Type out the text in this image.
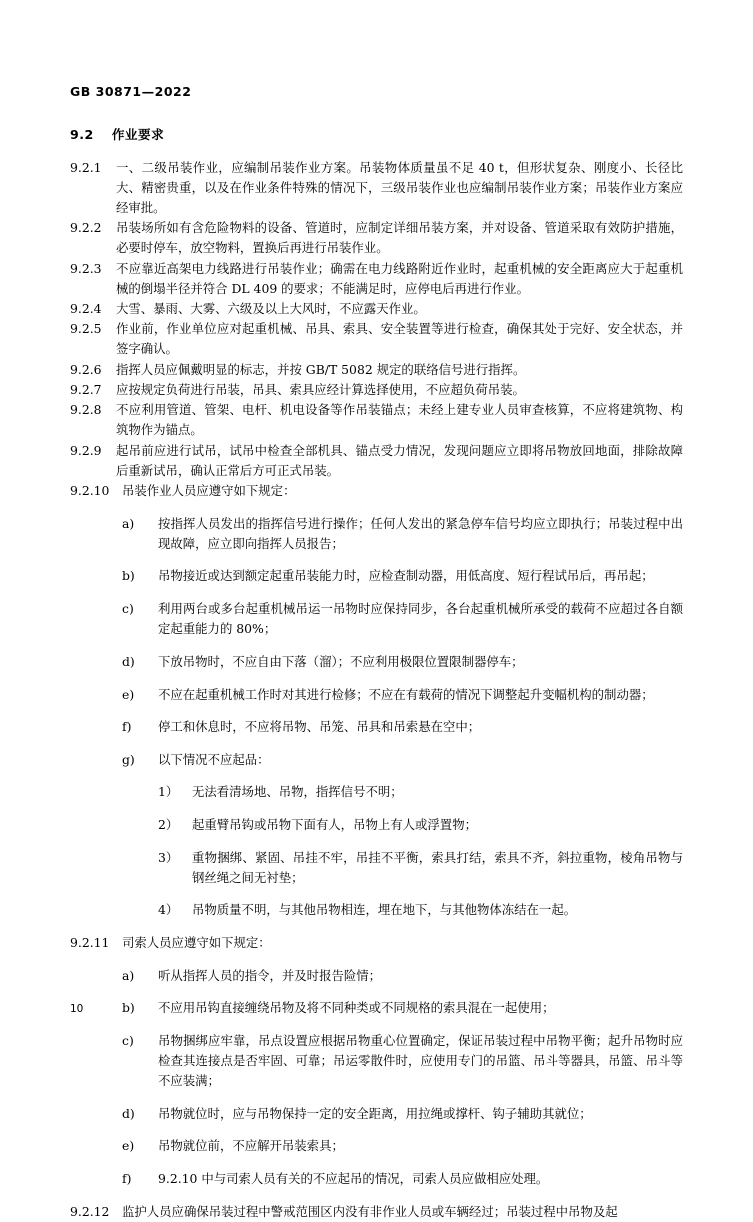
GB 30871—2022

9.2 作业要求

9.2.1	一、二级吊装作业，应编制吊装作业方案。吊装物体质量虽不足 40 t，但形状复杂、刚度小、长径比大、精密贵重，以及在作业条件特殊的情况下，三级吊装作业也应编制吊装作业方案；吊装作业方案应经审批。

9.2.2	吊装场所如有含危险物料的设备、管道时，应制定详细吊装方案，并对设备、管道采取有效防护措施，必要时停车，放空物料，置换后再进行吊装作业。

9.2.3	不应靠近高架电力线路进行吊装作业；确需在电力线路附近作业时，起重机械的安全距离应大于起重机械的倒塌半径并符合 DL 409 的要求；不能满足时，应停电后再进行作业。

9.2.4	大雪、暴雨、大雾、六级及以上大风时，不应露天作业。

9.2.5	作业前，作业单位应对起重机械、吊具、索具、安全装置等进行检查，确保其处于完好、安全状态，并签字确认。

9.2.6	指挥人员应佩戴明显的标志，并按 GB/T 5082 规定的联络信号进行指挥。

9.2.7	应按规定负荷进行吊装，吊具、索具应经计算选择使用，不应超负荷吊装。

9.2.8	不应利用管道、管架、电杆、机电设备等作吊装锚点；未经上建专业人员审查核算，不应将建筑物、构筑物作为锚点。

9.2.9	起吊前应进行试吊，试吊中检查全部机具、锚点受力情况，发现问题应立即将吊物放回地面，排除故障后重新试吊，确认正常后方可正式吊装。

9.2.10	吊装作业人员应遵守如下规定：

a)	按指挥人员发出的指挥信号进行操作；任何人发出的紧急停车信号均应立即执行；吊装过程中出现故障，应立即向指挥人员报告；

b)	吊物接近或达到额定起重吊装能力时，应检查制动器，用低高度、短行程试吊后，再吊起；

c)	利用两台或多台起重机械吊运一吊物时应保持同步，各台起重机械所承受的载荷不应超过各自额定起重能力的 80%；

d)	下放吊物时，不应自由下落（溜）；不应利用极限位置限制器停车；

e)	不应在起重机械工作时对其进行检修；不应在有载荷的情况下调整起升变幅机构的制动器；

f)	停工和休息时，不应将吊物、吊笼、吊具和吊索悬在空中；

g)	以下情况不应起品：

1）	无法看清场地、吊物，指挥信号不明；

2）	起重臂吊钩或吊物下面有人，吊物上有人或浮置物；

3）	重物捆绑、紧固、吊挂不牢，吊挂不平衡，索具打结，索具不齐，斜拉重物，棱角吊物与钢丝绳之间无衬垫；

4）	吊物质量不明，与其他吊物相连，埋在地下，与其他物体冻结在一起。

9.2.11	司索人员应遵守如下规定：

a)	听从指挥人员的指令，并及时报告险情；

b)	不应用吊钩直接缠绕吊物及将不同种类或不同规格的索具混在一起使用；

c)	吊物捆绑应牢靠，吊点设置应根据吊物重心位置确定，保证吊装过程中吊物平衡；起升吊物时应检查其连接点是否牢固、可靠；吊运零散件时，应使用专门的吊篮、吊斗等器具，吊篮、吊斗等不应装满；

d)	吊物就位时，应与吊物保持一定的安全距离，用拉绳或撑杆、钩子辅助其就位；

e)	吊物就位前，不应解开吊装索具；

f)	9.2.10 中与司索人员有关的不应起吊的情况，司索人员应做相应处理。

9.2.12	监护人员应确保吊装过程中警戒范围区内没有非作业人员或车辆经过；吊装过程中吊物及起

10
